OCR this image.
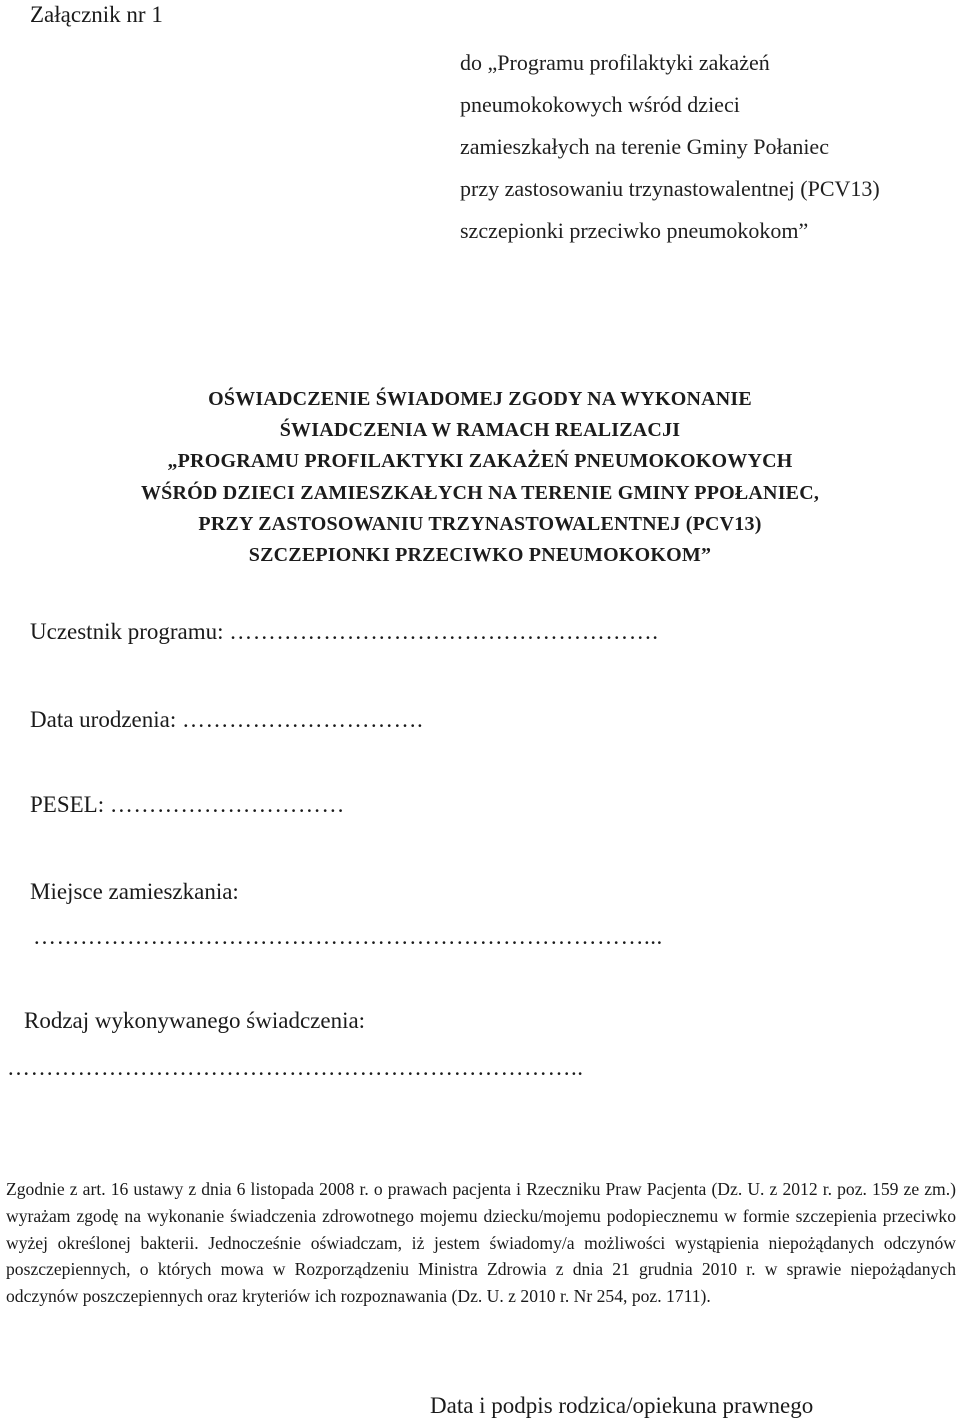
Załącznik nr 1
do „Programu profilaktyki zakażeń
pneumokokowych wśród dzieci
zamieszkałych na terenie Gminy Połaniec
przy zastosowaniu trzynastowalentnej (PCV13)
szczepionki przeciwko pneumokokom”
OŚWIADCZENIE ŚWIADOMEJ ZGODY NA WYKONANIE
ŚWIADCZENIA W RAMACH REALIZACJI
„PROGRAMU PROFILAKTYKI ZAKAŻEŃ PNEUMOKOKOWYCH
WŚRÓD DZIECI ZAMIESZKAŁYCH NA TERENIE GMINY PPOŁANIEC,
PRZY ZASTOSOWANIU TRZYNASTOWALENTNEJ (PCV13)
SZCZEPIONKI PRZECIWKO PNEUMOKOKOM”
Uczestnik programu: ……………………………………………….
Data urodzenia: ………………………….
PESEL: …………………………
Miejsce zamieszkania:
……………………………………………………………………...
Rodzaj wykonywanego świadczenia:
………………………………………………………………..
Zgodnie z art. 16 ustawy z dnia 6 listopada 2008 r. o prawach pacjenta i Rzeczniku Praw Pacjenta (Dz. U. z 2012 r. poz. 159 ze zm.) wyrażam zgodę na wykonanie świadczenia zdrowotnego mojemu dziecku/mojemu podopiecznemu w formie szczepienia przeciwko wyżej określonej bakterii. Jednocześnie oświadczam, iż jestem świadomy/a możliwości wystąpienia niepożądanych odczynów poszczepiennych, o których mowa w Rozporządzeniu Ministra Zdrowia z dnia 21 grudnia 2010 r. w sprawie niepożądanych odczynów poszczepiennych oraz kryteriów ich rozpoznawania (Dz. U. z 2010 r. Nr 254, poz. 1711).
Data i podpis rodzica/opiekuna prawnego
